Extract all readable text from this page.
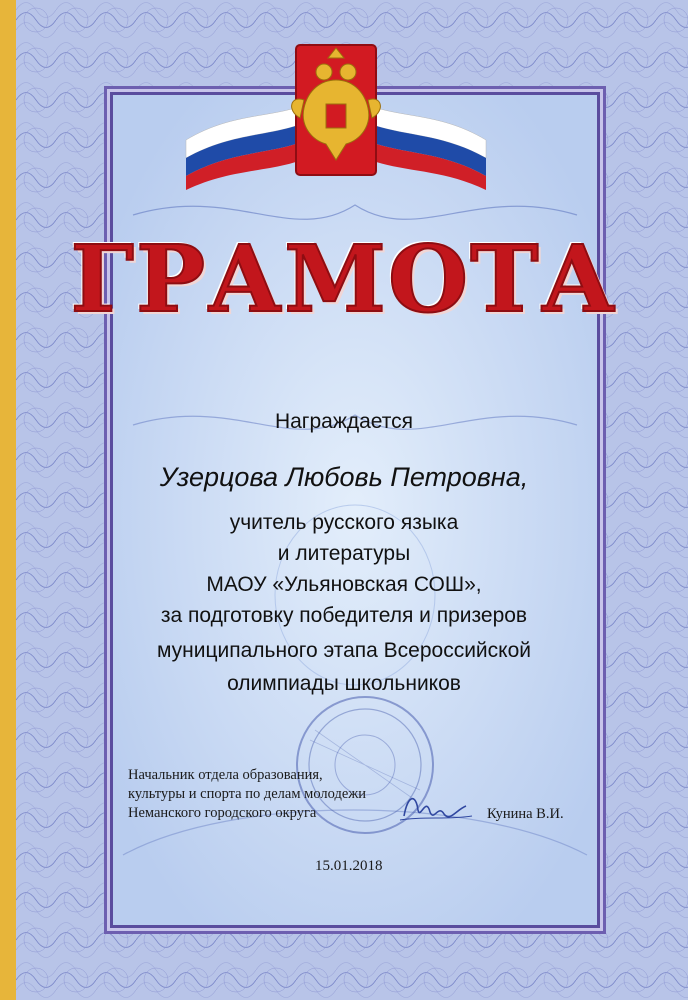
ГРАМОТА
Награждается
Узерцова Любовь Петровна,
учитель русского языка
и литературы
МАОУ «Ульяновская СОШ»,
за подготовку победителя и призеров
муниципального этапа Всероссийской
олимпиады школьников
Начальник отдела образования,
культуры и спорта по делам молодежи
Неманского городского округа	Кунина В.И.
15.01.2018
